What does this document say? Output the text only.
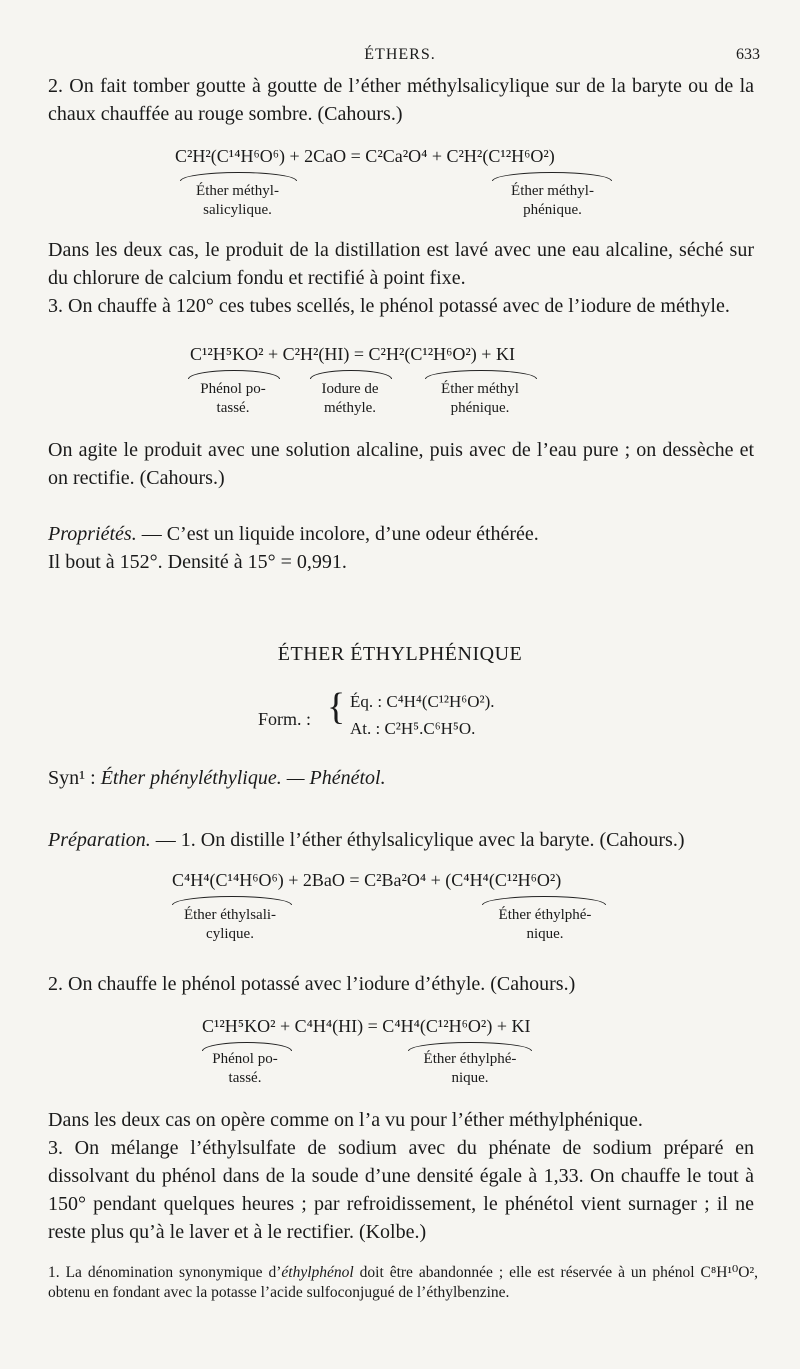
ÉTHERS.	633
2. On fait tomber goutte à goutte de l’éther méthylsalicylique sur de la baryte ou de la chaux chauffée au rouge sombre. (Cahours.)
C²H²(C¹⁴H⁶O⁶) + 2CaO = C²Ca²O⁴ + C²H²(C¹²H⁶O²)
Éther méthyl-
salicylique.
Éther méthyl-
phénique.
Dans les deux cas, le produit de la distillation est lavé avec une eau alcaline, séché sur du chlorure de calcium fondu et rectifié à point fixe.
3. On chauffe à 120° ces tubes scellés, le phénol potassé avec de l’iodure de méthyle.
C¹²H⁵KO² + C²H²(HI) = C²H²(C¹²H⁶O²) + KI
Phénol po-
tassé.
Iodure de
méthyle.
Éther méthyl
phénique.
On agite le produit avec une solution alcaline, puis avec de l’eau pure ; on dessèche et on rectifie. (Cahours.)
Propriétés. — C’est un liquide incolore, d’une odeur éthérée.
Il bout à 152°. Densité à 15° = 0,991.
ÉTHER ÉTHYLPHÉNIQUE
Form. : { Éq. : C⁴H⁴(C¹²H⁶O²).
At. : C²H⁵.C⁶H⁵O.
Syn¹ : Éther phényléthylique. — Phénétol.
Préparation. — 1. On distille l’éther éthylsalicylique avec la baryte. (Cahours.)
C⁴H⁴(C¹⁴H⁶O⁶) + 2BaO = C²Ba²O⁴ + (C⁴H⁴(C¹²H⁶O²)
Éther éthylsali-
cylique.
Éther éthylphé-
nique.
2. On chauffe le phénol potassé avec l’iodure d’éthyle. (Cahours.)
C¹²H⁵KO² + C⁴H⁴(HI) = C⁴H⁴(C¹²H⁶O²) + KI
Phénol po-
tassé.
Éther éthylphé-
nique.
Dans les deux cas on opère comme on l’a vu pour l’éther méthylphénique.
3. On mélange l’éthylsulfate de sodium avec du phénate de sodium préparé en dissolvant du phénol dans de la soude d’une densité égale à 1,33. On chauffe le tout à 150° pendant quelques heures ; par refroidissement, le phénétol vient surnager ; il ne reste plus qu’à le laver et à le rectifier. (Kolbe.)
1. La dénomination synonymique d’éthylphénol doit être abandonnée ; elle est réservée à un phénol C⁸H¹⁰O², obtenu en fondant avec la potasse l’acide sulfoconjugué de l’éthylbenzine.
